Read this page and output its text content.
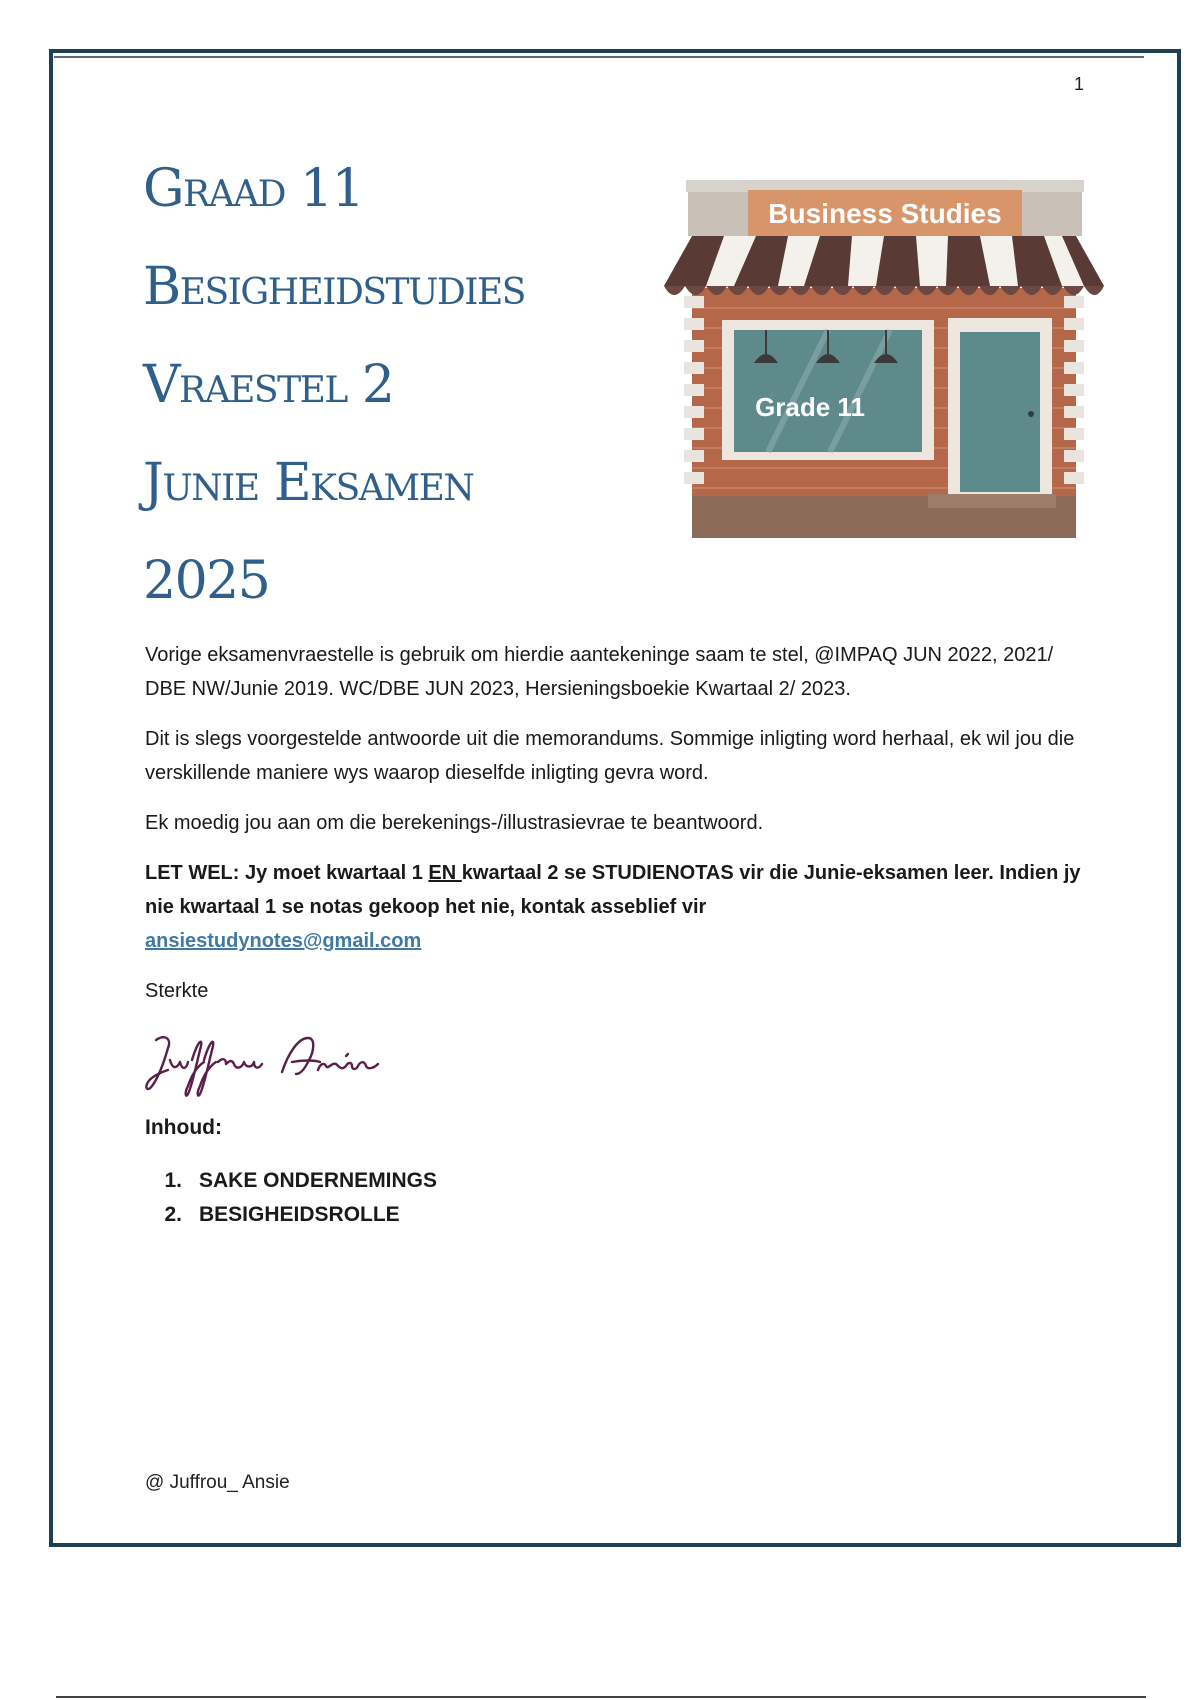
1
Graad 11
Besigheidstudies
Vraestel 2
Junie Eksamen
2025
Business Studies
Grade 11

Vorige eksamenvraestelle is gebruik om hierdie aantekeninge saam te stel, @IMPAQ JUN 2022, 2021/ DBE NW/Junie 2019. WC/DBE JUN 2023, Hersieningsboekie Kwartaal 2/ 2023.

Dit is slegs voorgestelde antwoorde uit die memorandums. Sommige inligting word herhaal, ek wil jou die verskillende maniere wys waarop dieselfde inligting gevra word.

Ek moedig jou aan om die berekenings-/illustrasievrae te beantwoord.

LET WEL: Jy moet kwartaal 1 EN kwartaal 2 se STUDIENOTAS vir die Junie-eksamen leer. Indien jy nie kwartaal 1 se notas gekoop het nie, kontak asseblief vir
ansiestudynotes@gmail.com

Sterkte

Inhoud:
1. SAKE ONDERNEMINGS
2. BESIGHEIDSROLLE
@ Juffrou_ Ansie
